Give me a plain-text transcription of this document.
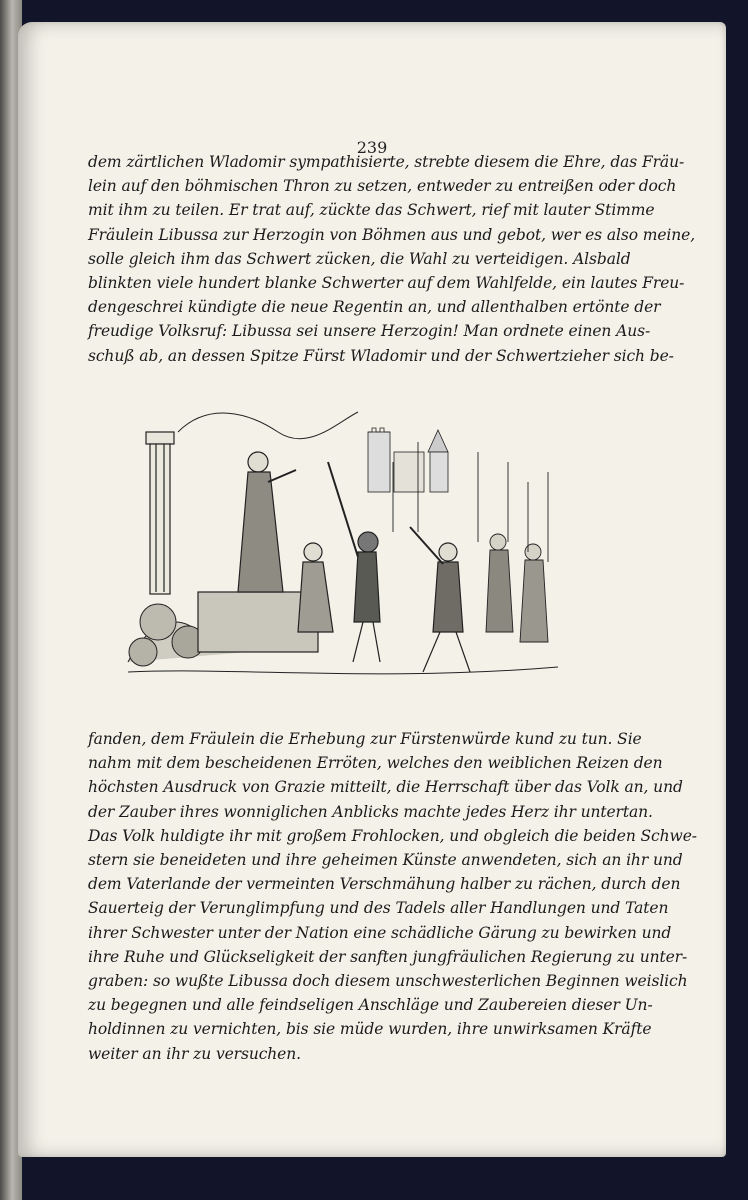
239
dem zärtlichen Wladomir sympathisierte, strebte diesem die Ehre, das Fräu-
lein auf den böhmischen Thron zu setzen, entweder zu entreißen oder doch
mit ihm zu teilen. Er trat auf, zückte das Schwert, rief mit lauter Stimme
Fräulein Libussa zur Herzogin von Böhmen aus und gebot, wer es also meine,
solle gleich ihm das Schwert zücken, die Wahl zu verteidigen. Alsbald
blinkten viele hundert blanke Schwerter auf dem Wahlfelde, ein lautes Freu-
dengeschrei kündigte die neue Regentin an, und allenthalben ertönte der
freudige Volksruf: Libussa sei unsere Herzogin! Man ordnete einen Aus-
schuß ab, an dessen Spitze Fürst Wladomir und der Schwertzieher sich be-
fanden, dem Fräulein die Erhebung zur Fürstenwürde kund zu tun. Sie
nahm mit dem bescheidenen Erröten, welches den weiblichen Reizen den
höchsten Ausdruck von Grazie mitteilt, die Herrschaft über das Volk an, und
der Zauber ihres wonniglichen Anblicks machte jedes Herz ihr untertan.
Das Volk huldigte ihr mit großem Frohlocken, und obgleich die beiden Schwe-
stern sie beneideten und ihre geheimen Künste anwendeten, sich an ihr und
dem Vaterlande der vermeinten Verschmähung halber zu rächen, durch den
Sauerteig der Verunglimpfung und des Tadels aller Handlungen und Taten
ihrer Schwester unter der Nation eine schädliche Gärung zu bewirken und
ihre Ruhe und Glückseligkeit der sanften jungfräulichen Regierung zu unter-
graben: so wußte Libussa doch diesem unschwesterlichen Beginnen weislich
zu begegnen und alle feindseligen Anschläge und Zaubereien dieser Un-
holdinnen zu vernichten, bis sie müde wurden, ihre unwirksamen Kräfte
weiter an ihr zu versuchen.
